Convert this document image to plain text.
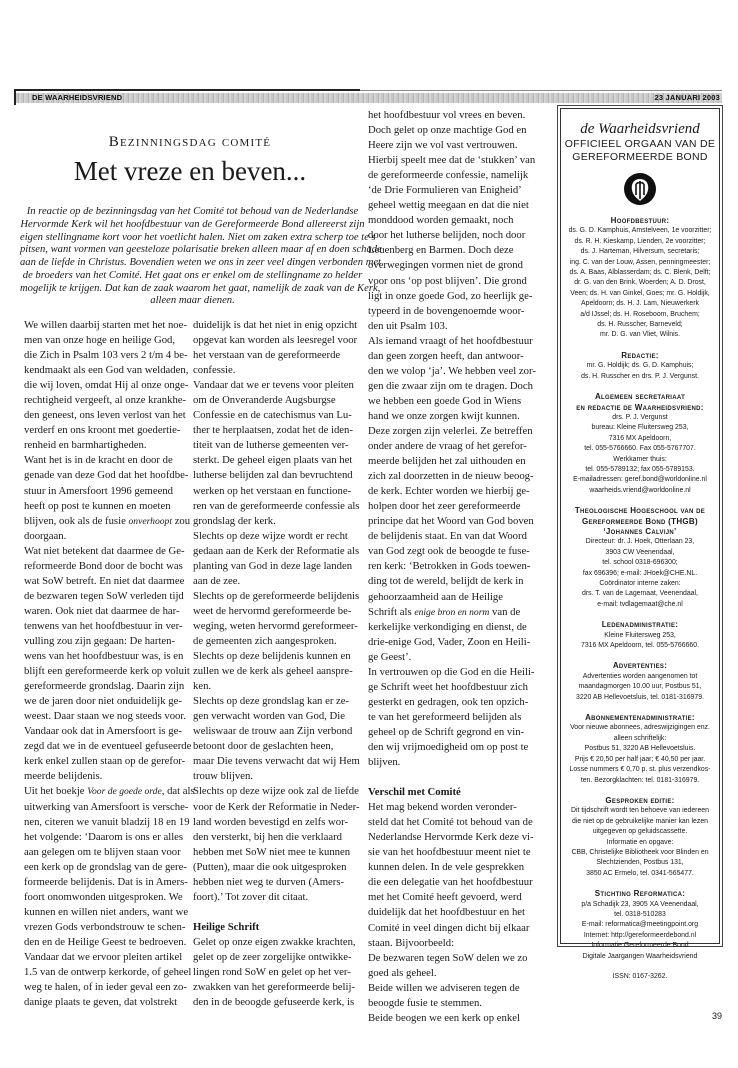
DE WAARHEIDSVRIEND	23 JANUARI 2003
Bezinningsdag comité
Met vreze en beven...
In reactie op de bezinningsdag van het Comité tot behoud van de Nederlandse
Hervormde Kerk wil het hoofdbestuur van de Gereformeerde Bond allereerst zijn
eigen stellingname kort voor het voetlicht halen. Niet om zaken extra scherp toe te s
pitsen, want vormen van geesteloze polarisatie breken alleen maar af en doen schade
aan de liefde in Christus. Bovendien weten we ons in zeer veel dingen verbonden met
de broeders van het Comité. Het gaat ons er enkel om de stellingname zo helder
mogelijk te krijgen. Dat kan de zaak waarom het gaat, namelijk de zaak van de Kerk,
alleen maar dienen.
We willen daarbij starten met het noe-
men van onze hoge en heilige God,
die Zich in Psalm 103 vers 2 t/m 4 be-
kendmaakt als een God van weldaden,
die wij loven, omdat Hij al onze onge-
rechtigheid vergeeft, al onze krankhe-
den geneest, ons leven verlost van het
verderf en ons kroont met goedertie-
renheid en barmhartigheden.
Want het is in de kracht en door de
genade van deze God dat het hoofdbe-
stuur in Amersfoort 1996 gemeend
heeft op post te kunnen en moeten
blijven, ook als de fusie onverhoopt zou
doorgaan.
Wat niet betekent dat daarmee de Ge-
reformeerde Bond door de bocht was
wat SoW betreft. En niet dat daarmee
de bezwaren tegen SoW verleden tijd
waren. Ook niet dat daarmee de har-
tenwens van het hoofdbestuur in ver-
vulling zou zijn gegaan: De harten-
wens van het hoofdbestuur was, is en
blijft een gereformeerde kerk op voluit
gereformeerde grondslag. Daarin zijn
we de jaren door niet onduidelijk ge-
weest. Daar staan we nog steeds voor.
Vandaar ook dat in Amersfoort is ge-
zegd dat we in de eventueel gefuseerde
kerk enkel zullen staan op de gerefor-
meerde belijdenis.
Uit het boekje Voor de goede orde, dat als
uitwerking van Amersfoort is versche-
nen, citeren we vanuit bladzij 18 en 19
het volgende: ‘Daarom is ons er alles
aan gelegen om te blijven staan voor
een kerk op de grondslag van de gere-
formeerde belijdenis. Dat is in Amers-
foort onomwonden uitgesproken. We
kunnen en willen niet anders, want we
vrezen Gods verbondstrouw te schen-
den en de Heilige Geest te bedroeven.
Vandaar dat we ervoor pleiten artikel
1.5 van de ontwerp kerkorde, of geheel
weg te halen, of in ieder geval een zo-
danige plaats te geven, dat volstrekt
duidelijk is dat het niet in enig opzicht
opgevat kan worden als leesregel voor
het verstaan van de gereformeerde
confessie.
Vandaar dat we er tevens voor pleiten
om de Onveranderde Augsburgse
Confessie en de catechismus van Lu-
ther te herplaatsen, zodat het de iden-
titeit van de lutherse gemeenten ver-
sterkt. De geheel eigen plaats van het
lutherse belijden zal dan bevruchtend
werken op het verstaan en functione-
ren van de gereformeerde confessie als
grondslag der kerk.
Slechts op deze wijze wordt er recht
gedaan aan de Kerk der Reformatie als
planting van God in deze lage landen
aan de zee.
Slechts op de gereformeerde belijdenis
weet de hervormd gereformeerde be-
weging, weten hervormd gereformeer-
de gemeenten zich aangesproken.
Slechts op deze belijdenis kunnen en
zullen we de kerk als geheel aanspre-
ken.
Slechts op deze grondslag kan er ze-
gen verwacht worden van God, Die
weliswaar de trouw aan Zijn verbond
betoont door de geslachten heen,
maar Die tevens verwacht dat wij Hem
trouw blijven.
Slechts op deze wijze ook zal de liefde
voor de Kerk der Reformatie in Neder-
land worden bevestigd en zelfs wor-
den versterkt, bij hen die verklaard
hebben met SoW niet mee te kunnen
(Putten), maar die ook uitgesproken
hebben niet weg te durven (Amers-
foort).’ Tot zover dit citaat.
Heilige Schrift
Gelet op onze eigen zwakke krachten,
gelet op de zeer zorgelijke ontwikke-
lingen rond SoW en gelet op het ver-
zwakken van het gereformeerde belij-
den in de beoogde gefuseerde kerk, is
het hoofdbestuur vol vrees en beven.
Doch gelet op onze machtige God en
Heere zijn we vol vast vertrouwen.
Hierbij speelt mee dat de ‘stukken’ van
de gereformeerde confessie, namelijk
‘de Drie Formulieren van Enigheid’
geheel wettig meegaan en dat die niet
monddood worden gemaakt, noch
door het lutherse belijden, noch door
Leuenberg en Barmen. Doch deze
overwegingen vormen niet de grond
voor ons ‘op post blijven’. Die grond
ligt in onze goede God, zo heerlijk ge-
typeerd in de bovengenoemde woor-
den uit Psalm 103.
Als iemand vraagt of het hoofdbestuur
dan geen zorgen heeft, dan antwoor-
den we volop ‘ja’. We hebben veel zor-
gen die zwaar zijn om te dragen. Doch
we hebben een goede God in Wiens
hand we onze zorgen kwijt kunnen.
Deze zorgen zijn velerlei. Ze betreffen
onder andere de vraag of het gerefor-
meerde belijden het zal uithouden en
zich zal doorzetten in de nieuw beoog-
de kerk. Echter worden we hierbij ge-
holpen door het zeer gereformeerde
principe dat het Woord van God boven
de belijdenis staat. En van dat Woord
van God zegt ook de beoogde te fuse-
ren kerk: ‘Betrokken in Gods toewen-
ding tot de wereld, belijdt de kerk in
gehoorzaamheid aan de Heilige
Schrift als enige bron en norm van de
kerkelijke verkondiging en dienst, de
drie-enige God, Vader, Zoon en Heili-
ge Geest’.
In vertrouwen op die God en die Heili-
ge Schrift weet het hoofdbestuur zich
gesterkt en gedragen, ook ten opzich-
te van het gereformeerd belijden als
geheel op de Schrift gegrond en vin-
den wij vrijmoedigheid om op post te
blijven.
Verschil met Comité
Het mag bekend worden veronder-
steld dat het Comité tot behoud van de
Nederlandse Hervormde Kerk deze vi-
sie van het hoofdbestuur meent niet te
kunnen delen. In de vele gesprekken
die een delegatie van het hoofdbestuur
met het Comité heeft gevoerd, werd
duidelijk dat het hoofdbestuur en het
Comité in veel dingen dicht bij elkaar
staan. Bijvoorbeeld:
De bezwaren tegen SoW delen we zo
goed als geheel.
Beide willen we adviseren tegen de
beoogde fusie te stemmen.
Beide beogen we een kerk op enkel
de Waarheidsvriend
OFFICIEEL ORGAAN VAN DE
GEREFORMEERDE BOND
Hoofdbestuur:
ds. G. D. Kamphuis, Amstelveen, 1e voorzitter;
ds. R. H. Kieskamp, Lienden, 2e voorzitter;
ds. J. Harteman, Hilversum, secretaris;
ing. C. van der Louw, Assen, penningmeester;
ds. A. Baas, Alblasserdam; ds. C. Blenk, Delft;
dr. G. van den Brink, Woerden; A. D. Drost,
Veen; ds. H. van Ginkel, Goes; mr. G. Holdijk,
Apeldoorn; ds. H. J. Lam, Nieuwerkerk
a/d IJssel; ds. H. Roseboom, Bruchem;
ds. H. Russcher, Barneveld;
mr. D. G. van Vliet, Wilnis.
Redactie:
mr. G. Holdijk; ds. G. D. Kamphuis;
ds. H. Russcher en drs. P. J. Vergunst.
Algemeen secretariaat
en redactie de Waarheidsvriend:
drs. P. J. Vergunst
bureau: Kleine Fluitersweg 253,
7316 MX Apeldoorn,
tel. 055-5766660. Fax 055-5767707.
Werkkamer thuis:
tel. 055-5789132; fax 055-5789153.
E-mailadressen: geref.bond@worldonline.nl
waarheids.vriend@worldonline.nl
Theologische Hogeschool van de
Gereformeerde Bond (THGB)
‘Johannes Calvijn’
Directeur: dr. J. Hoek, Otterlaan 23,
3903 CW Veenendaal,
tel. school 0318-696300;
fax 696396; e-mail: JHoek@CHE.NL.
Coördinator interne zaken:
drs. T. van de Lagemaat, Veenendaal,
e-mail: tvdlagemaat@che.nl
Ledenadministratie:
Kleine Fluitersweg 253,
7316 MX Apeldoorn, tel. 055-5766660.
Advertenties:
Advertenties worden aangenomen tot
maandagmorgen 10.00 uur, Postbus 51,
3220 AB Hellevoetsluis, tel. 0181-316979.
Abonnementenadministratie:
Voor nieuwe abonnees, adreswijzigingen enz.
alleen schriftelijk:
Postbus 51, 3220 AB Hellevoetsluis.
Prijs € 20,50 per half jaar; € 40,50 per jaar.
Losse nummers € 0,70 p. st. plus verzendkos-
ten. Bezorgklachten: tel. 0181-316979.
Gesproken editie:
Dit tijdschrift wordt ten behoeve van iedereen
die niet op de gebruikelijke manier kan lezen
uitgegeven op geluidscassette.
Informatie en opgave:
CBB, Christelijke Bibliotheek voor Blinden en
Slechtzienden, Postbus 131,
3850 AC Ermelo, tel. 0341-565477.
Stichting Reformatica:
p/a Schadijk 23, 3905 XA Veenendaal,
tel. 0318-510283
E-mail: reformatica@meetingpoint.org
Internet: http://gereformeerdebond.nl
Informatie Gereformeerde Bond
Digitale Jaargangen Waarheidsvriend
ISSN: 0167-3262.
39
